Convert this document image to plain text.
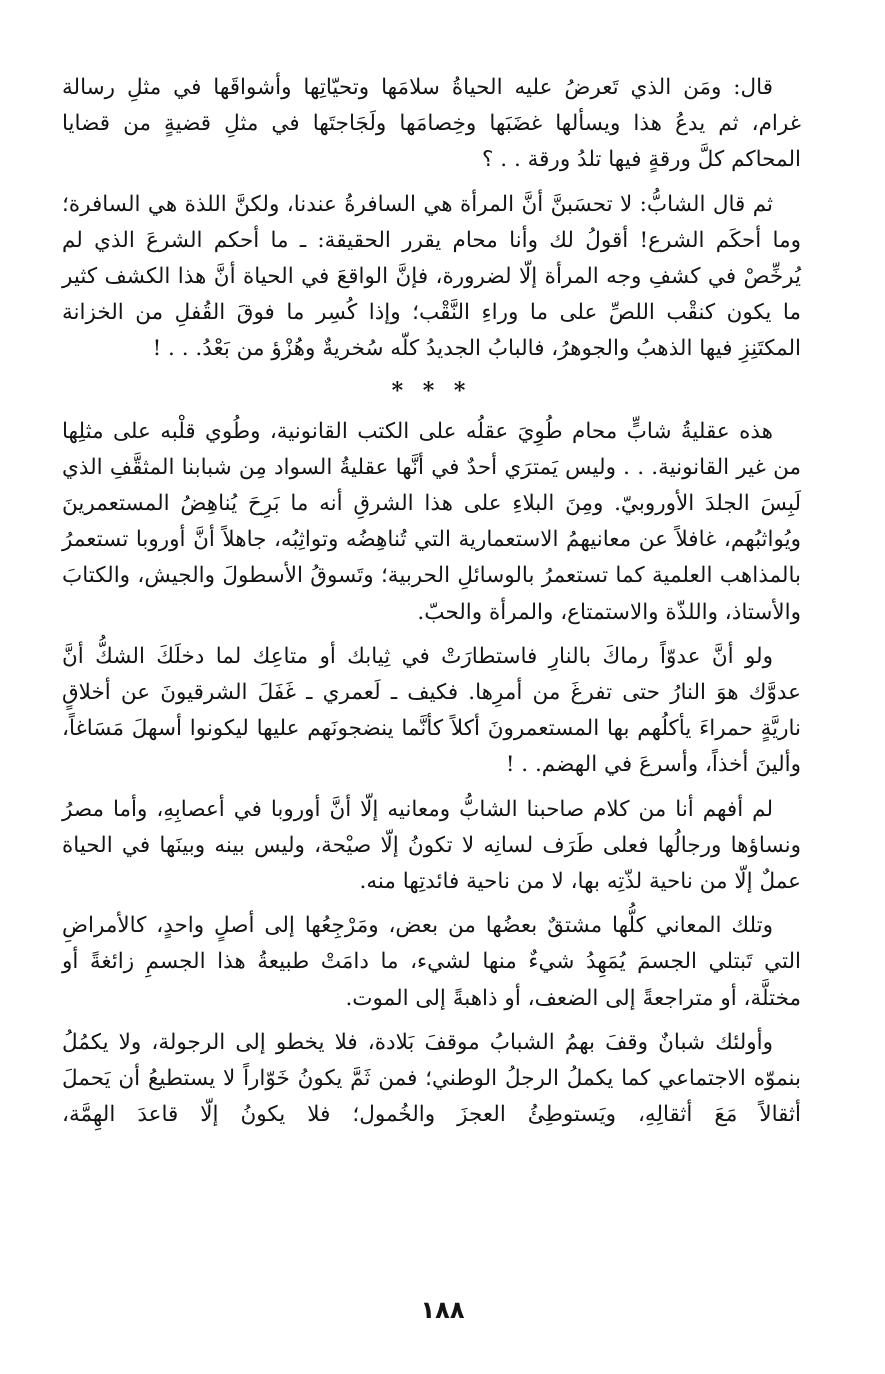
قال: ومَن الذي تَعرضُ عليه الحياةُ سلامَها وتحيّاتِها وأشواقَها في مثلِ رسالة غرام، ثم يدعُ هذا ويسألها غضَبَها وخِصامَها ولَجَاجتَها في مثلِ قضيةٍ من قضايا المحاكم كلَّ ورقةٍ فيها تلدُ ورقة . . ؟

ثم قال الشابُّ: لا تحسَبنَّ أنَّ المرأة هي السافرةُ عندنا، ولكنَّ اللذة هي السافرة؛ وما أحكَم الشرع! أقولُ لك وأنا محام يقرر الحقيقة: ـ ما أحكم الشرعَ الذي لم يُرخِّصْ في كشفِ وجه المرأة إلّا لضرورة، فإنَّ الواقعَ في الحياة أنَّ هذا الكشف كثير ما يكون كنقْب اللصِّ على ما وراءِ النَّقْب؛ وإذا كُسِر ما فوقَ القُفلِ من الخزانة المكتَنِزِ فيها الذهبُ والجوهرُ، فالبابُ الجديدُ كلّه سُخريةٌ وهُزْؤ من بَعْدُ. . . !

* * *

هذه عقليةُ شابٍّ محام طُوِيَ عقلُه على الكتب القانونية، وطُوي قلْبه على مثلِها من غير القانونية. . . وليس يَمترَي أحدٌ في أنَّها عقليةُ السواد مِن شبابنا المثقَّفِ الذي لَبِسَ الجلدَ الأوروبيّ. ومِنَ البلاءِ على هذا الشرقِ أنه ما بَرِحَ يُناهِضُ المستعمرينَ ويُواثبُهم، غافلاً عن معانيهمُ الاستعمارية التي تُناهِضُه وتواثِبُه، جاهلاً أنَّ أوروبا تستعمرُ بالمذاهب العلمية كما تستعمرُ بالوسائلِ الحربية؛ وتَسوقُ الأسطولَ والجيش، والكتابَ والأستاذ، واللذّة والاستمتاع، والمرأة والحبّ.

ولو أنَّ عدوّاً رماكَ بالنارِ فاستطارَتْ في ثِيابك أو متاعِك لما دخلَكَ الشكُّ أنَّ عدوَّك هوَ النارُ حتى تفرغَ من أمرِها. فكيف ـ لَعمري ـ غَفَلَ الشرقيونَ عن أخلاقٍ ناريَّةٍ حمراءَ يأكلُهم بها المستعمرونَ أكلاً كأنَّما ينضجونَهم عليها ليكونوا أسهلَ مَسَاغاً، وألينَ أخذاً، وأسرعَ في الهضم. . !

لم أفهم أنا من كلام صاحبنا الشابُّ ومعانيه إلّا أنَّ أوروبا في أعصابِهِ، وأما مصرُ ونساؤها ورجالُها فعلى طَرَف لسانِه لا تكونُ إلّا صيْحة، وليس بينه وبينَها في الحياة عملٌ إلّا من ناحية لذّتِه بها، لا من ناحية فائدتِها منه.

وتلك المعاني كلُّها مشتقٌ بعضُها من بعض، ومَرْجِعُها إلى أصلٍ واحدٍ، كالأمراضِ التي تَبتلي الجسمَ يُمَهِدُ شيءٌ منها لشيء، ما دامَتْ طبيعةُ هذا الجسمِ زائغةً أو مختلَّة، أو متراجعةً إلى الضعف، أو ذاهبةً إلى الموت.

وأولئك شبانٌ وقفَ بهمُ الشبابُ موقفَ بَلادة، فلا يخطو إلى الرجولة، ولا يكمُلُ بنموّه الاجتماعي كما يكملُ الرجلُ الوطني؛ فمن ثَمَّ يكونُ خَوّاراً لا يستطيعُ أن يَحملَ أثقالاً مَعَ أثقالِهِ، ويَستوطِئُ العجزَ والخُمول؛ فلا يكونُ إلّا قاعدَ الهِمَّة،

١٨٨
